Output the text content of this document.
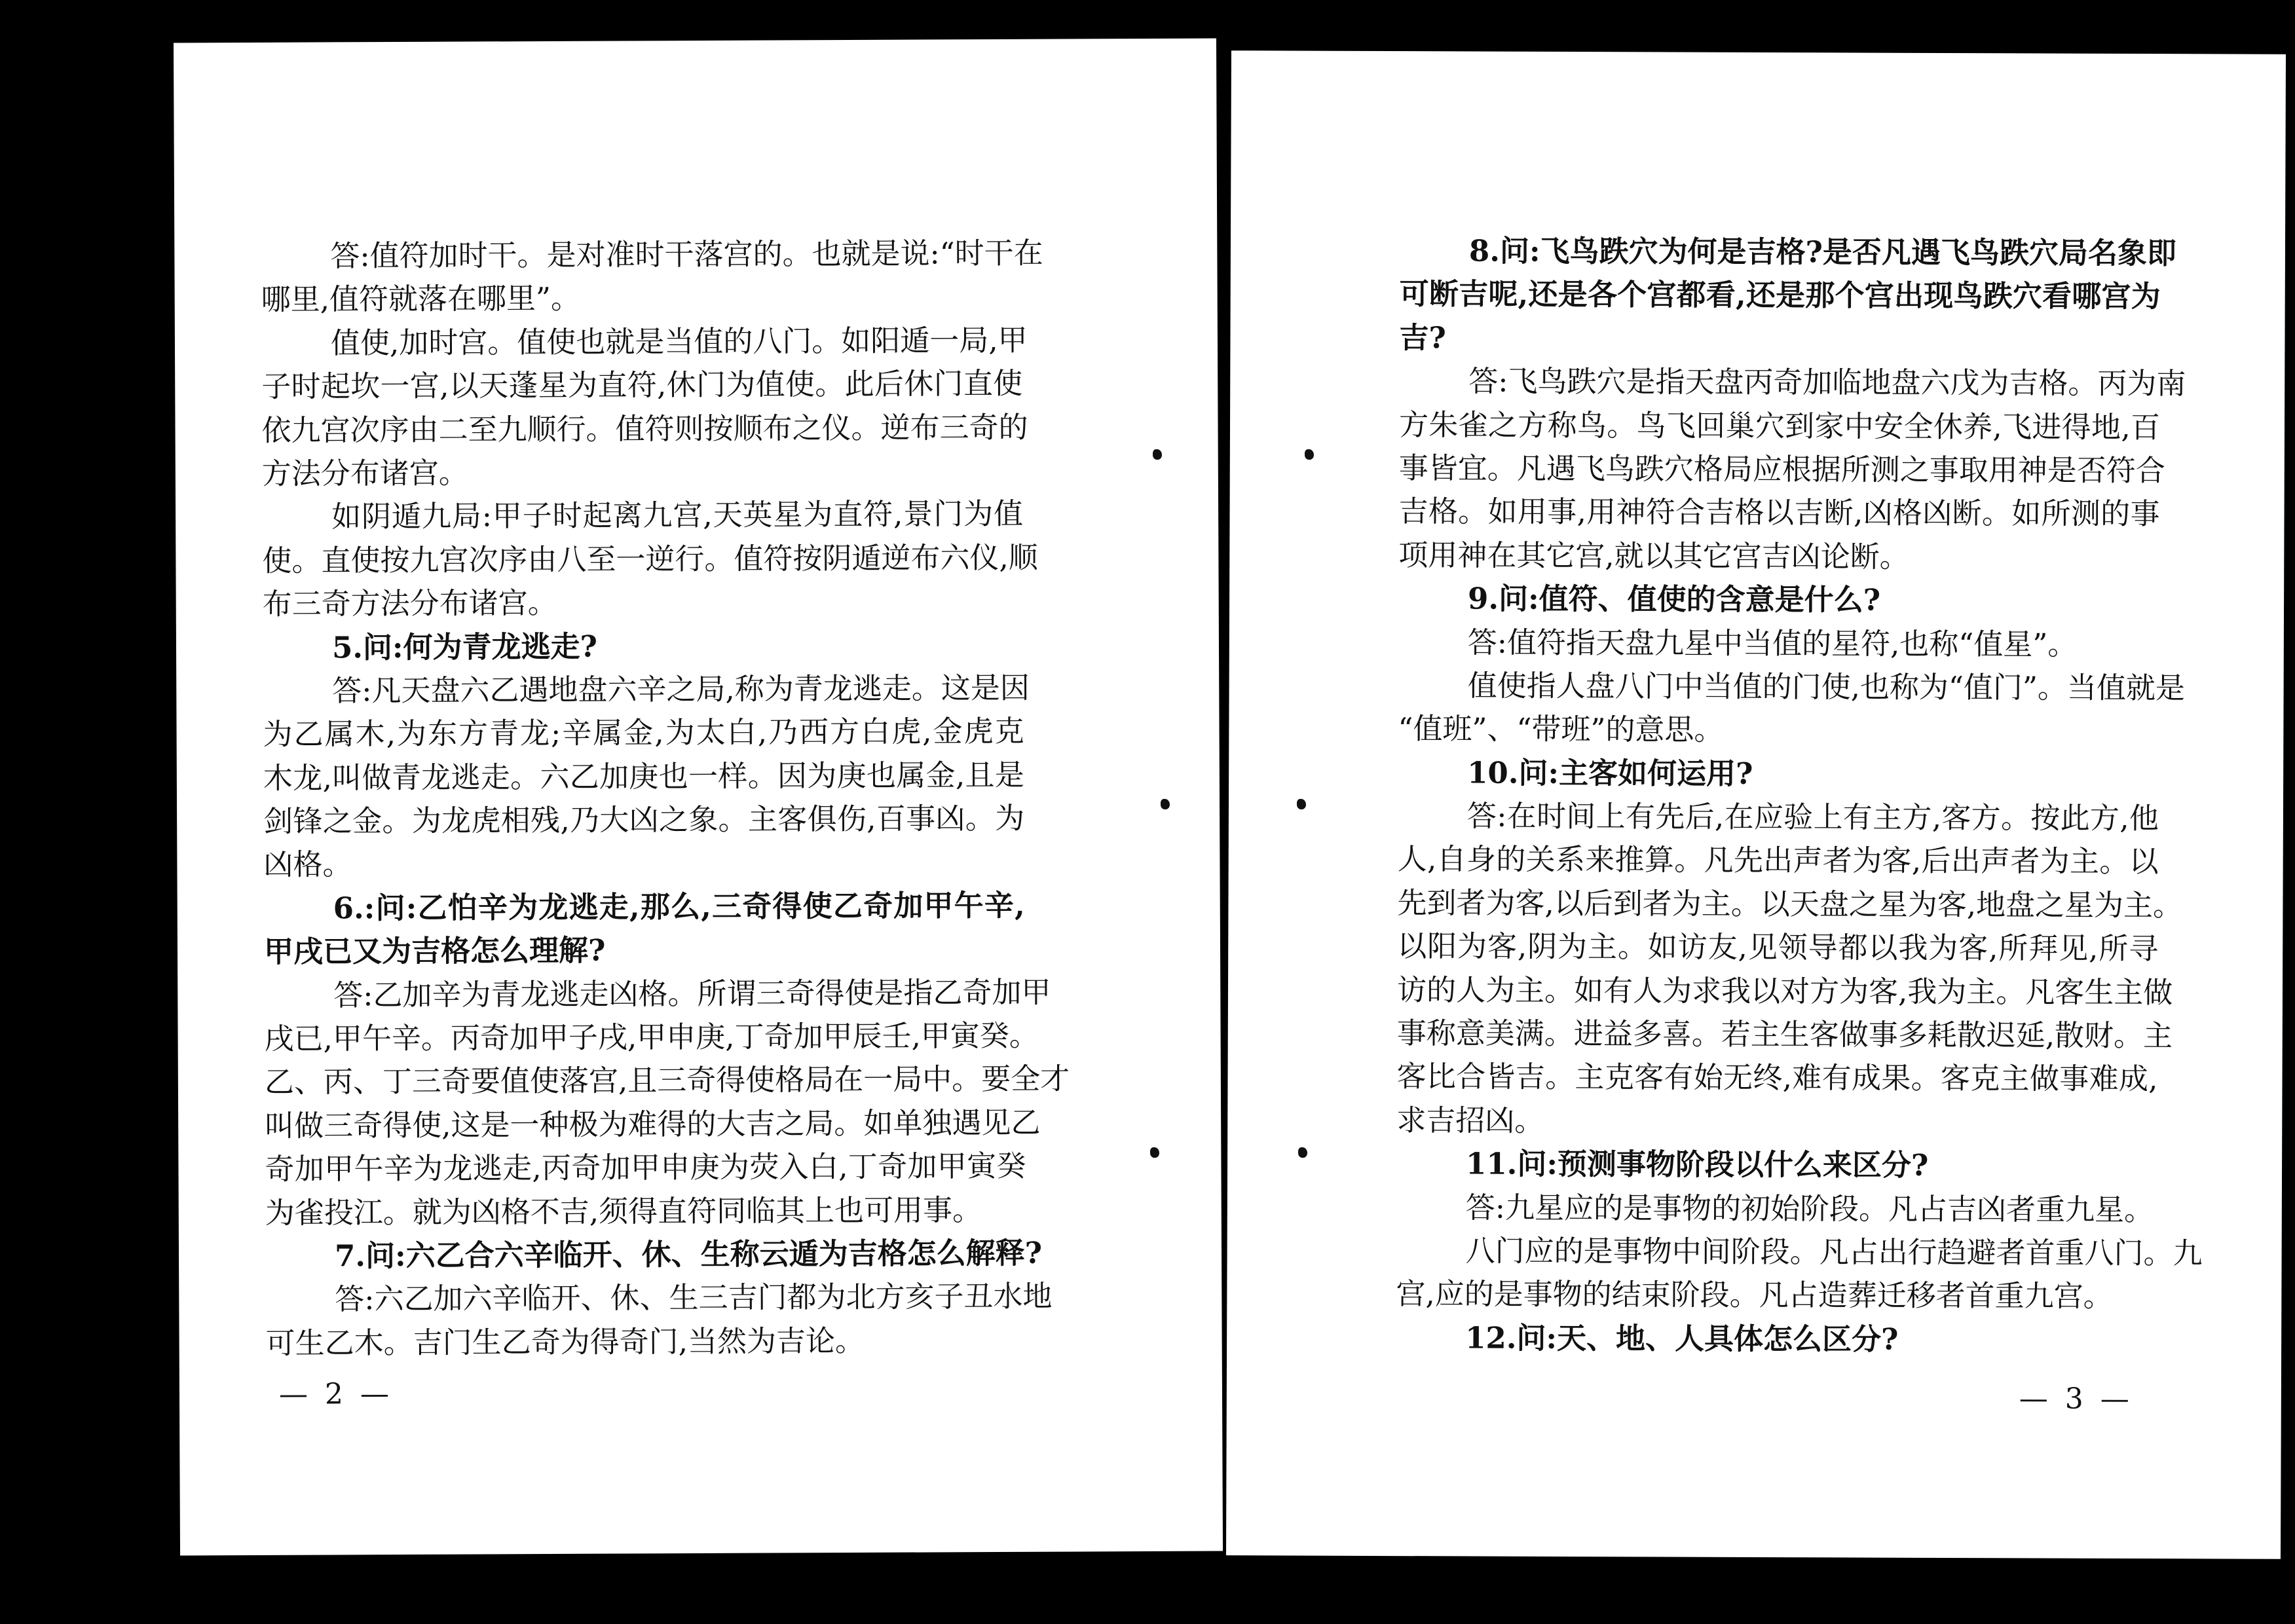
答:值符加时干。是对准时干落宫的。也就是说:“时干在
哪里,值符就落在哪里”。
值使,加时宫。值使也就是当值的八门。如阳遁一局,甲
子时起坎一宫,以天蓬星为直符,休门为值使。此后休门直使
依九宫次序由二至九顺行。值符则按顺布之仪。逆布三奇的
方法分布诸宫。
如阴遁九局:甲子时起离九宫,天英星为直符,景门为值
使。直使按九宫次序由八至一逆行。值符按阴遁逆布六仪,顺
布三奇方法分布诸宫。
5.问:何为青龙逃走?
答:凡天盘六乙遇地盘六辛之局,称为青龙逃走。这是因
为乙属木,为东方青龙;辛属金,为太白,乃西方白虎,金虎克
木龙,叫做青龙逃走。六乙加庚也一样。因为庚也属金,且是
剑锋之金。为龙虎相残,乃大凶之象。主客俱伤,百事凶。为
凶格。
6.:问:乙怕辛为龙逃走,那么,三奇得使乙奇加甲午辛,
甲戌已又为吉格怎么理解?
答:乙加辛为青龙逃走凶格。所谓三奇得使是指乙奇加甲
戌已,甲午辛。丙奇加甲子戌,甲申庚,丁奇加甲辰壬,甲寅癸。
乙、丙、丁三奇要值使落宫,且三奇得使格局在一局中。要全才
叫做三奇得使,这是一种极为难得的大吉之局。如单独遇见乙
奇加甲午辛为龙逃走,丙奇加甲申庚为荧入白,丁奇加甲寅癸
为雀投江。就为凶格不吉,须得直符同临其上也可用事。
7.问:六乙合六辛临开、休、生称云遁为吉格怎么解释?
答:六乙加六辛临开、休、生三吉门都为北方亥子丑水地
可生乙木。吉门生乙奇为得奇门,当然为吉论。
— 2 —
8.问:飞鸟跌穴为何是吉格?是否凡遇飞鸟跌穴局名象即
可断吉呢,还是各个宫都看,还是那个宫出现鸟跌穴看哪宫为
吉?
答:飞鸟跌穴是指天盘丙奇加临地盘六戊为吉格。丙为南
方朱雀之方称鸟。鸟飞回巢穴到家中安全休养,飞进得地,百
事皆宜。凡遇飞鸟跌穴格局应根据所测之事取用神是否符合
吉格。如用事,用神符合吉格以吉断,凶格凶断。如所测的事
项用神在其它宫,就以其它宫吉凶论断。
9.问:值符、值使的含意是什么?
答:值符指天盘九星中当值的星符,也称“值星”。
值使指人盘八门中当值的门使,也称为“值门”。当值就是
“值班”、“带班”的意思。
10.问:主客如何运用?
答:在时间上有先后,在应验上有主方,客方。按此方,他
人,自身的关系来推算。凡先出声者为客,后出声者为主。以
先到者为客,以后到者为主。以天盘之星为客,地盘之星为主。
以阳为客,阴为主。如访友,见领导都以我为客,所拜见,所寻
访的人为主。如有人为求我以对方为客,我为主。凡客生主做
事称意美满。进益多喜。若主生客做事多耗散迟延,散财。主
客比合皆吉。主克客有始无终,难有成果。客克主做事难成,
求吉招凶。
11.问:预测事物阶段以什么来区分?
答:九星应的是事物的初始阶段。凡占吉凶者重九星。
八门应的是事物中间阶段。凡占出行趋避者首重八门。九
宫,应的是事物的结束阶段。凡占造葬迁移者首重九宫。
12.问:天、地、人具体怎么区分?
— 3 —
